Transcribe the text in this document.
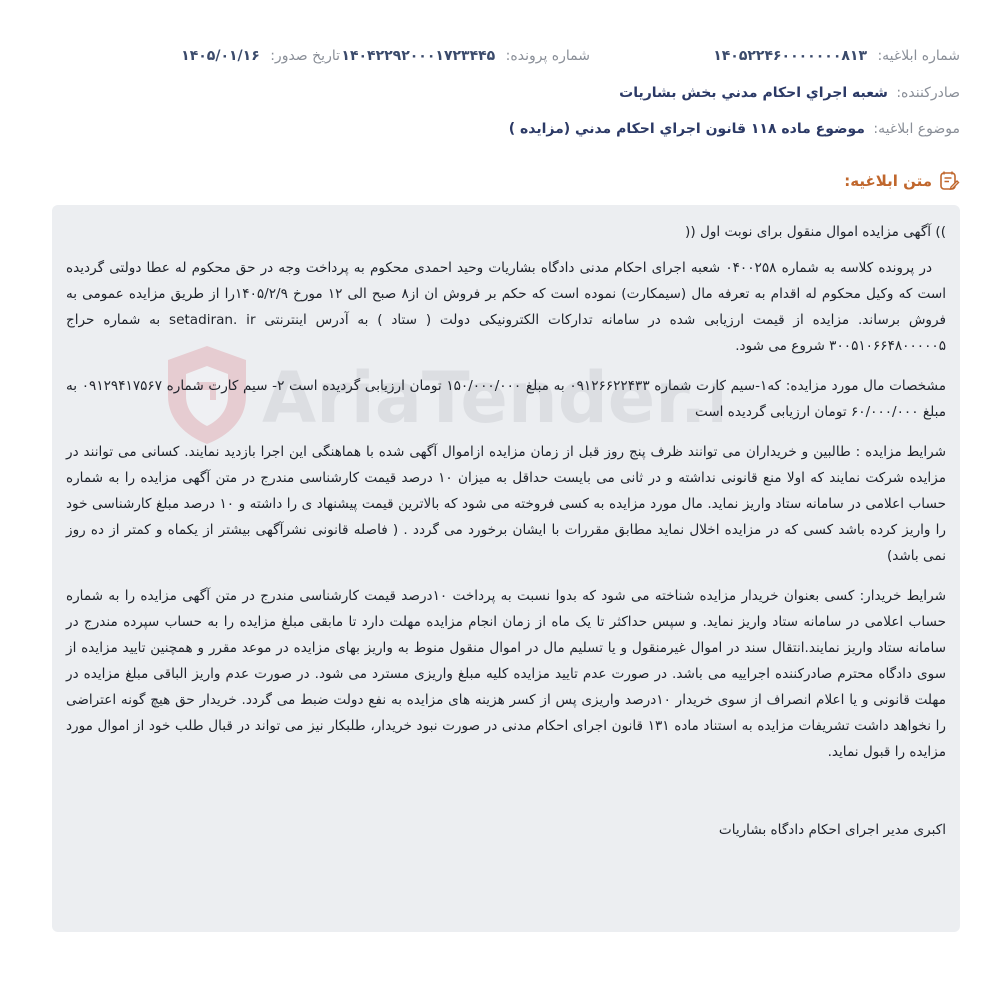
شماره ابلاغیه: ۱۴۰۵۲۲۴۶۰۰۰۰۰۰۰۸۱۳
شماره پرونده: ۱۴۰۴۲۲۹۲۰۰۰۱۷۲۳۴۴۵
تاریخ صدور: ۱۴۰۵/۰۱/۱۶
صادرکننده: شعبه اجراي احكام مدني بخش بشاريات
موضوع ابلاغیه: موضوع ماده ۱۱۸ قانون اجراي احكام مدني (مزايده )
متن ابلاغیه:
AriaTender.

)) آگهی مزایده اموال منقول برای نوبت اول ((

در پرونده کلاسه به شماره ۰۴۰۰۲۵۸ شعبه اجرای احکام مدنی دادگاه بشاریات وحید احمدی محکوم به پرداخت وجه در حق محکوم له عطا دولتی گردیده است که وکیل محکوم له اقدام به تعرفه مال (سیمکارت) نموده است که حکم بر فروش ان از۸ صبح الی ۱۲ مورخ ۱۴۰۵/۲/۹را از طریق مزایده عمومی به فروش برساند. مزایده از قیمت ارزیابی شده در سامانه تدارکات الکترونیکی دولت ( ستاد ) به آدرس اینترنتی setadiran. ir به شماره حراج ۳۰۰۵۱۰۶۶۴۸۰۰۰۰۰۵ شروع می شود.

مشخصات مال مورد مزایده: که۱-سیم کارت شماره ۰۹۱۲۶۶۲۲۴۳۳ به مبلغ ۱۵۰/۰۰۰/۰۰۰ تومان ارزیابی گردیده است ۲- سیم کارت شماره ۰۹۱۲۹۴۱۷۵۶۷ به مبلغ ۶۰/۰۰۰/۰۰۰ تومان ارزیابی گردیده است

شرایط مزایده : طالبین و خریداران می توانند ظرف پنج روز قبل از زمان مزایده ازاموال آگهی شده با هماهنگی این اجرا بازدید نمایند. کسانی می توانند در مزایده شرکت نمایند که اولا منع قانونی نداشته و در ثانی می بایست حداقل به میزان ۱۰ درصد قیمت کارشناسی مندرج در متن آگهی مزایده را به شماره حساب اعلامی در سامانه ستاد واریز نماید. مال مورد مزایده به کسی فروخته می شود که بالاترین قیمت پیشنهاد ی را داشته و ۱۰ درصد مبلغ کارشناسی خود را واریز کرده باشد کسی که در مزایده اخلال نماید مطابق مقررات با ایشان برخورد می گردد . ( فاصله قانونی نشرآگهی بیشتر از یکماه و کمتر از ده روز نمی باشد)

شرایط خریدار: کسی بعنوان خریدار مزایده شناخته می شود که بدوا نسبت به پرداخت ۱۰درصد قیمت کارشناسی مندرج در متن آگهی مزایده را به شماره حساب اعلامی در سامانه ستاد واریز نماید. و سپس حداکثر تا یک ماه از زمان انجام مزایده مهلت دارد تا مابقی مبلغ مزایده را به حساب سپرده مندرج در سامانه ستاد واریز نمایند.انتقال سند در اموال غیرمنقول و یا تسلیم مال در اموال منقول منوط به واریز بهای مزایده در موعد مقرر و همچنین تایید مزایده از سوی دادگاه محترم صادرکننده اجراییه می باشد. در صورت عدم تایید مزایده کلیه مبلغ واریزی مسترد می شود. در صورت عدم واریز الباقی مبلغ مزایده در مهلت قانونی و یا اعلام انصراف از سوی خریدار ۱۰درصد واریزی پس از کسر هزینه های مزایده به نفع دولت ضبط می گردد. خریدار حق هیچ گونه اعتراضی را نخواهد داشت تشریفات مزایده به استناد ماده ۱۳۱ قانون اجرای احکام مدنی در صورت نبود خریدار، طلبکار نیز می تواند در قبال طلب خود از اموال مورد مزایده را قبول نماید.

اکبری مدیر اجرای احکام دادگاه بشاریات
